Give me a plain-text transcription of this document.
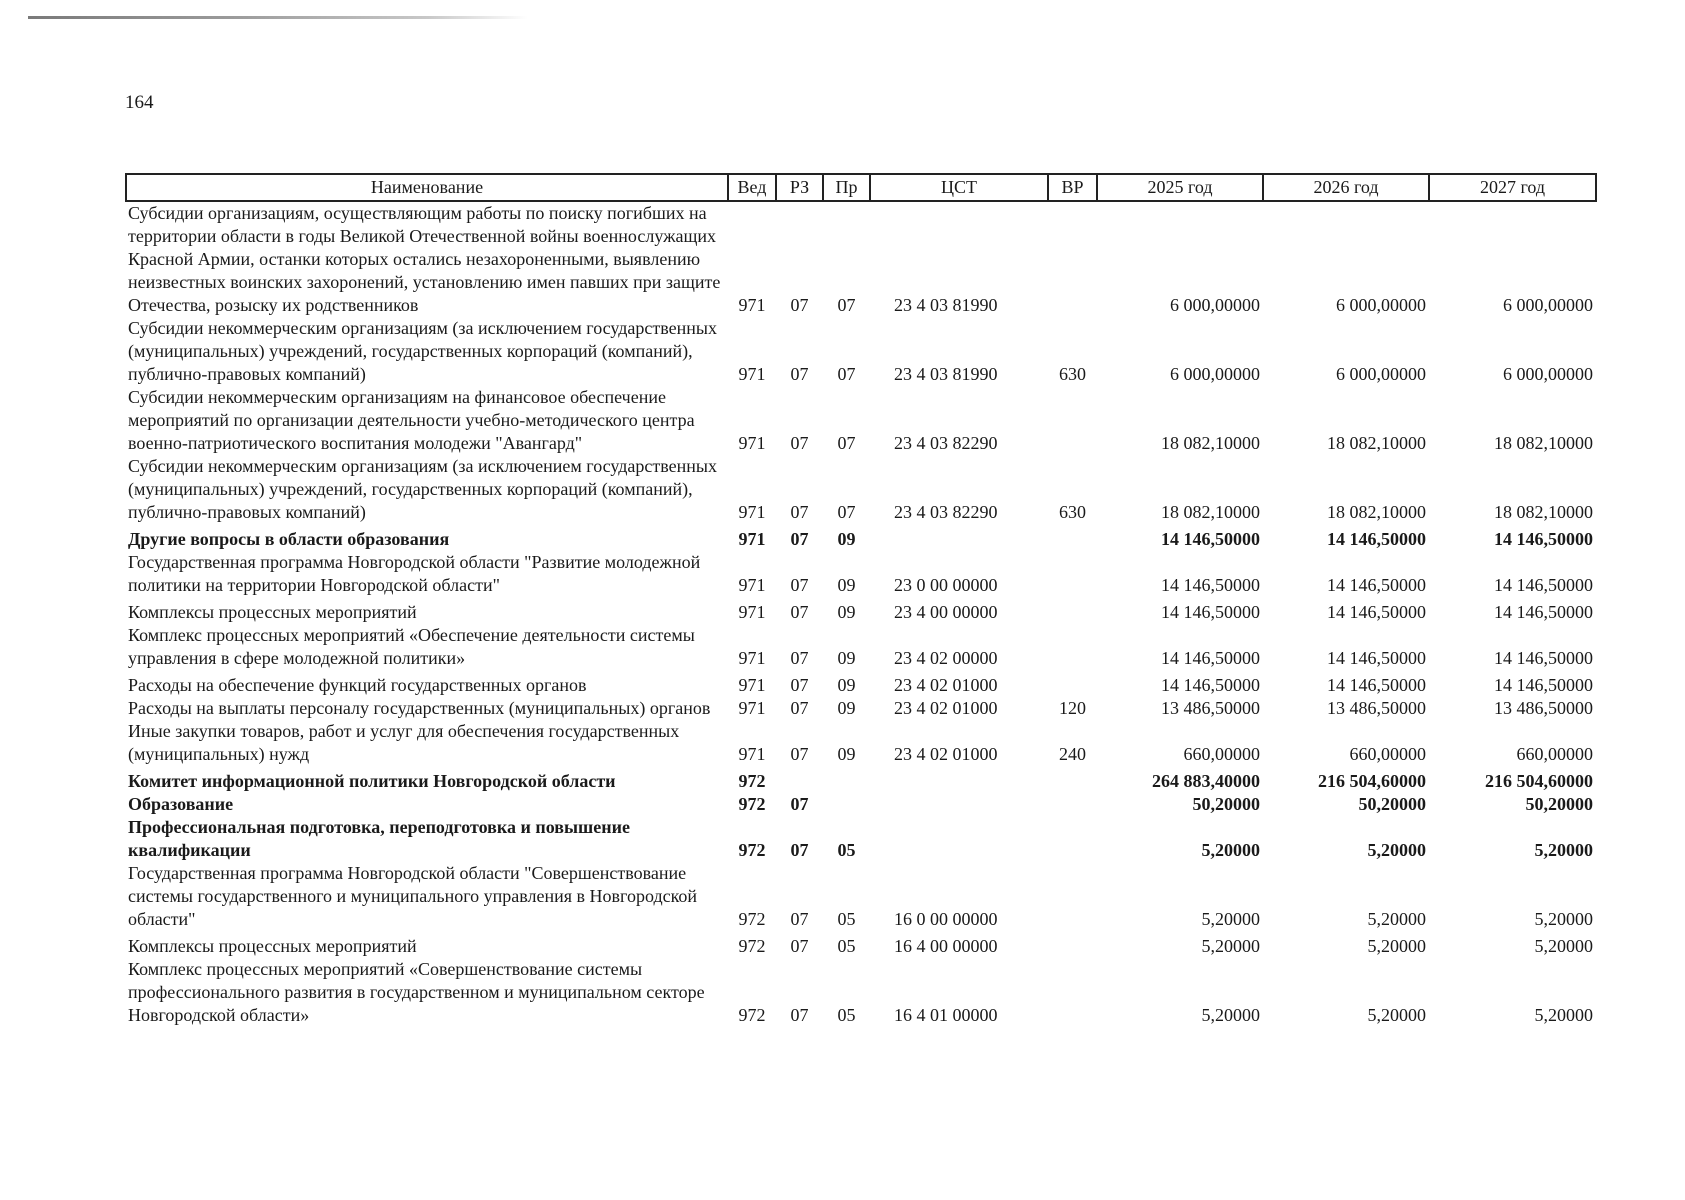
164
Наименование	Вед	РЗ	Пр	ЦСТ	ВР	2025 год	2026 год	2027 год
Субсидии организациям, осуществляющим работы по поиску погибших на территории области в годы Великой Отечественной войны военнослужащих Красной Армии, останки которых остались незахороненными, выявлению неизвестных воинских захоронений, установлению имен павших при защите Отечества, розыску их родственников	971	07	07	23 4 03 81990		6 000,00000	6 000,00000	6 000,00000
Субсидии некоммерческим организациям (за исключением государственных (муниципальных) учреждений, государственных корпораций (компаний), публично-правовых компаний)	971	07	07	23 4 03 81990	630	6 000,00000	6 000,00000	6 000,00000
Субсидии некоммерческим организациям на финансовое обеспечение мероприятий по организации деятельности учебно-методического центра военно-патриотического воспитания молодежи "Авангард"	971	07	07	23 4 03 82290		18 082,10000	18 082,10000	18 082,10000
Субсидии некоммерческим организациям (за исключением государственных (муниципальных) учреждений, государственных корпораций (компаний), публично-правовых компаний)	971	07	07	23 4 03 82290	630	18 082,10000	18 082,10000	18 082,10000
Другие вопросы в области образования	971	07	09			14 146,50000	14 146,50000	14 146,50000
Государственная программа Новгородской области "Развитие молодежной политики на территории Новгородской области"	971	07	09	23 0 00 00000		14 146,50000	14 146,50000	14 146,50000
Комплексы процессных мероприятий	971	07	09	23 4 00 00000		14 146,50000	14 146,50000	14 146,50000
Комплекс процессных мероприятий «Обеспечение деятельности системы управления в сфере молодежной политики»	971	07	09	23 4 02 00000		14 146,50000	14 146,50000	14 146,50000
Расходы на обеспечение функций государственных органов	971	07	09	23 4 02 01000		14 146,50000	14 146,50000	14 146,50000
Расходы на выплаты персоналу государственных (муниципальных) органов	971	07	09	23 4 02 01000	120	13 486,50000	13 486,50000	13 486,50000
Иные закупки товаров, работ и услуг для обеспечения государственных (муниципальных) нужд	971	07	09	23 4 02 01000	240	660,00000	660,00000	660,00000
Комитет информационной политики Новгородской области	972					264 883,40000	216 504,60000	216 504,60000
Образование	972	07				50,20000	50,20000	50,20000
Профессиональная подготовка, переподготовка и повышение квалификации	972	07	05			5,20000	5,20000	5,20000
Государственная программа Новгородской области "Совершенствование системы государственного и муниципального управления в Новгородской области"	972	07	05	16 0 00 00000		5,20000	5,20000	5,20000
Комплексы процессных мероприятий	972	07	05	16 4 00 00000		5,20000	5,20000	5,20000
Комплекс процессных мероприятий «Совершенствование системы профессионального развития в государственном и муниципальном секторе Новгородской области»	972	07	05	16 4 01 00000		5,20000	5,20000	5,20000
